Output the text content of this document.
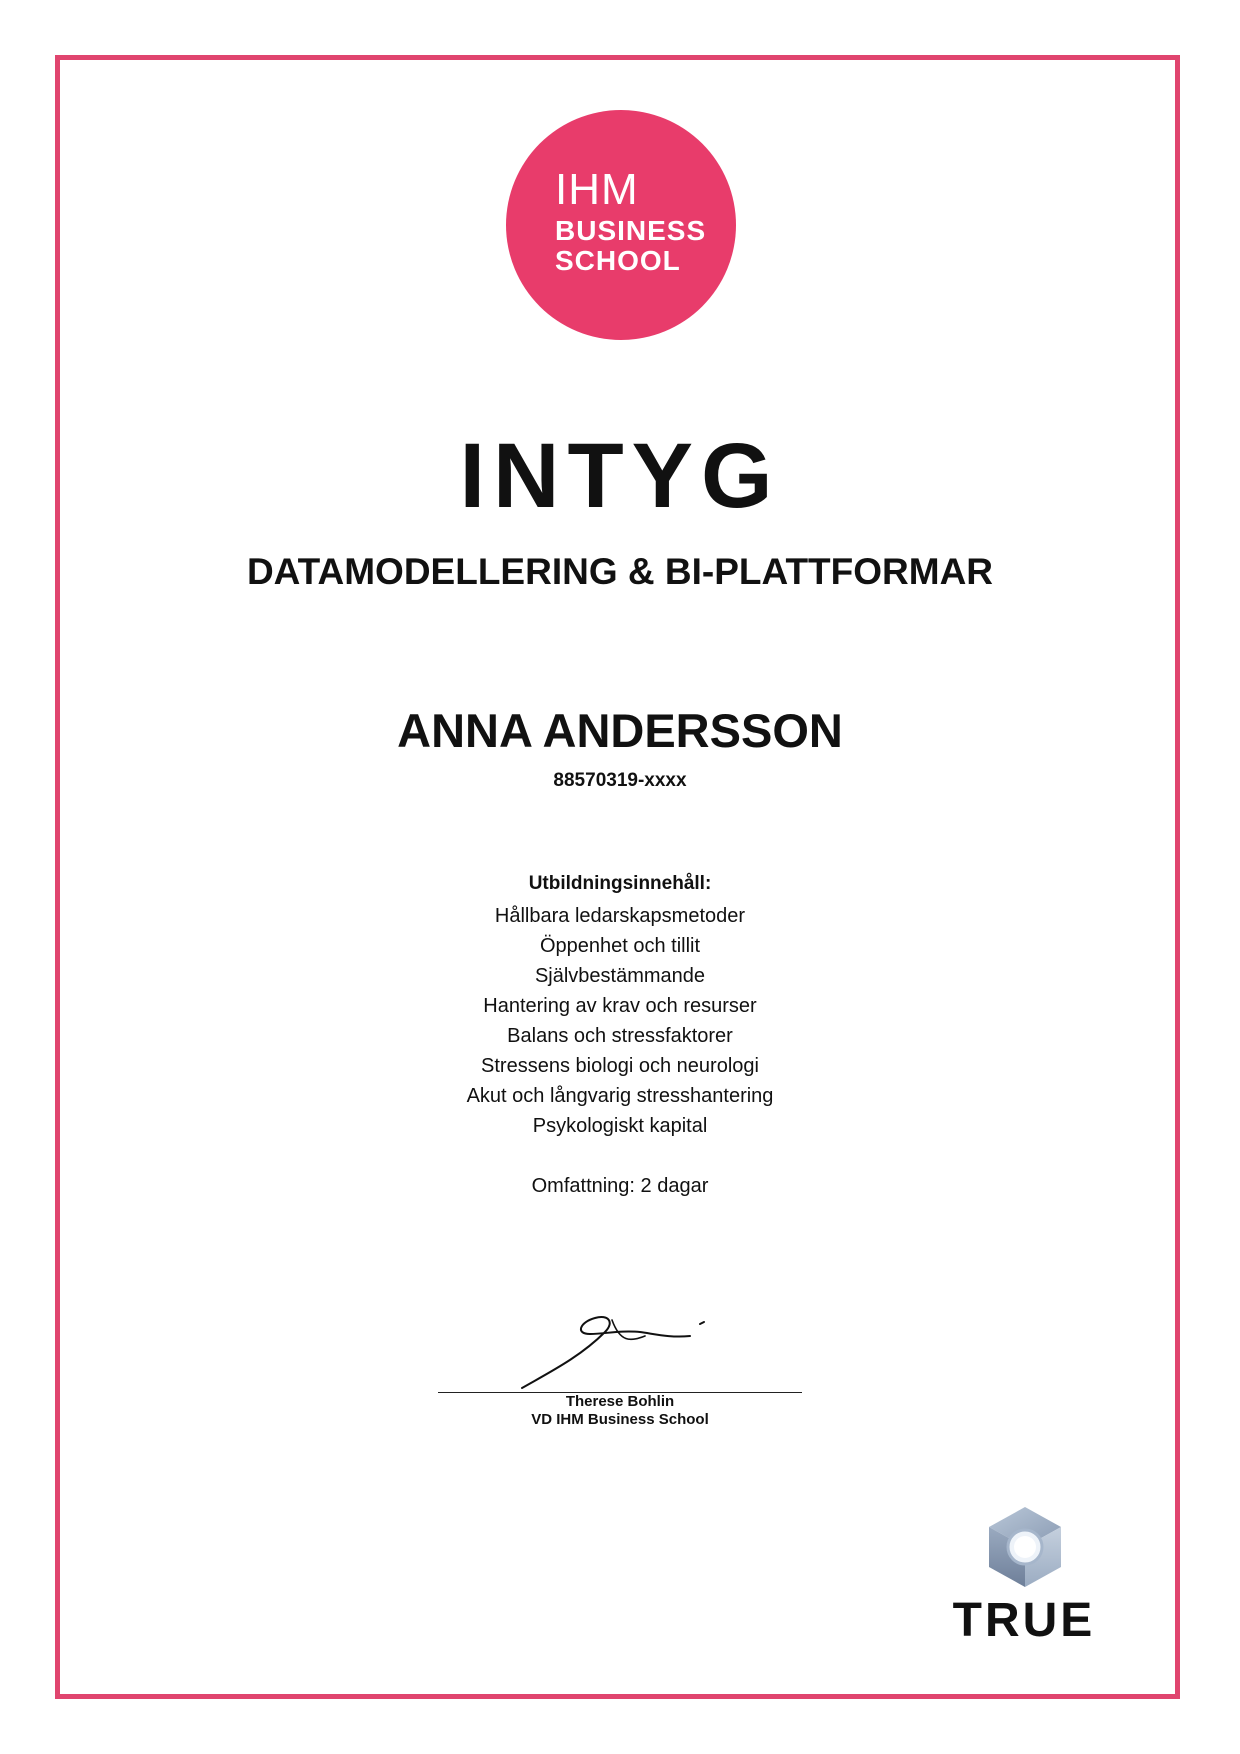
IHM
BUSINESS
SCHOOL
INTYG
DATAMODELLERING & BI-PLATTFORMAR
ANNA ANDERSSON
88570319-xxxx
Utbildningsinnehåll:
Hållbara ledarskapsmetoder
Öppenhet och tillit
Självbestämmande
Hantering av krav och resurser
Balans och stressfaktorer
Stressens biologi och neurologi
Akut och långvarig stresshantering
Psykologiskt kapital
Omfattning: 2 dagar
Therese Bohlin
VD IHM Business School
TRUE
